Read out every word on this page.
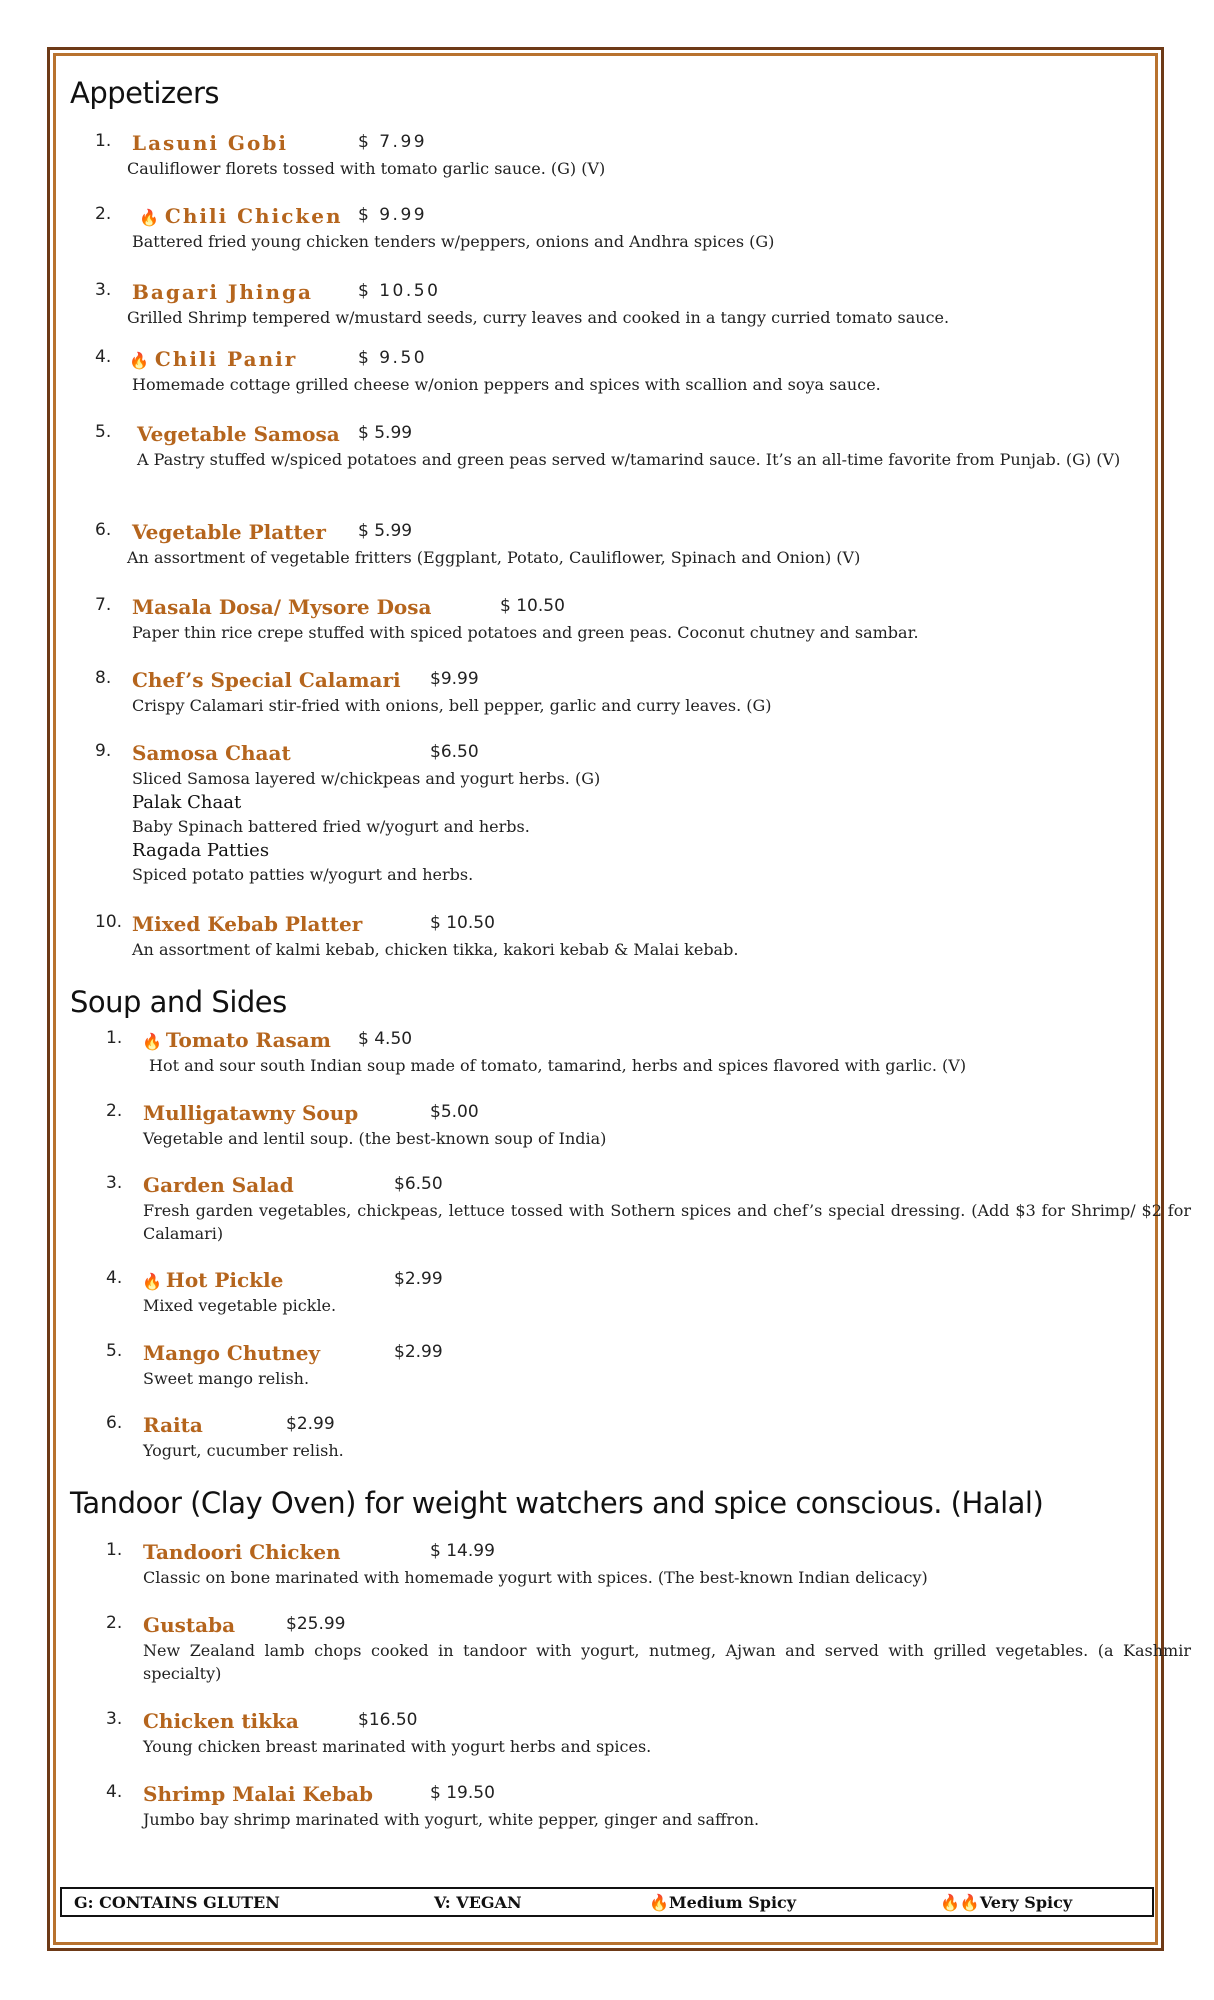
Appetizers
1. Lasuni Gobi	$ 7.99
Cauliflower florets tossed with tomato garlic sauce. (G) (V)
2. 🔥 Chili Chicken $ 9.99
Battered fried young chicken tenders w/peppers, onions and Andhra spices (G)
3. Bagari Jhinga	$ 10.50
Grilled Shrimp tempered w/mustard seeds, curry leaves and cooked in a tangy curried tomato sauce.
4. 🔥 Chili Panir	$ 9.50
Homemade cottage grilled cheese w/onion peppers and spices with scallion and soya sauce.
5. Vegetable Samosa $ 5.99
A Pastry stuffed w/spiced potatoes and green peas served w/tamarind sauce. It’s an all-time favorite from Punjab. (G) (V)
6. Vegetable Platter $ 5.99
An assortment of vegetable fritters (Eggplant, Potato, Cauliflower, Spinach and Onion) (V)
7. Masala Dosa/ Mysore Dosa	$ 10.50
Paper thin rice crepe stuffed with spiced potatoes and green peas. Coconut chutney and sambar.
8. Chef’s Special Calamari $9.99
Crispy Calamari stir-fried with onions, bell pepper, garlic and curry leaves. (G)
9. Samosa Chaat	$6.50
Sliced Samosa layered w/chickpeas and yogurt herbs. (G)
Palak Chaat
Baby Spinach battered fried w/yogurt and herbs.
Ragada Patties
Spiced potato patties w/yogurt and herbs.
10. Mixed Kebab Platter	$ 10.50
An assortment of kalmi kebab, chicken tikka, kakori kebab & Malai kebab.
Soup and Sides
1. 🔥 Tomato Rasam $ 4.50
Hot and sour south Indian soup made of tomato, tamarind, herbs and spices flavored with garlic. (V)
2. Mulligatawny Soup	$5.00
Vegetable and lentil soup. (the best-known soup of India)
3. Garden Salad	$6.50
Fresh garden vegetables, chickpeas, lettuce tossed with Sothern spices and chef’s special dressing. (Add $3 for Shrimp/ $2 for Calamari)
4. 🔥 Hot Pickle	$2.99
Mixed vegetable pickle.
5. Mango Chutney	$2.99
Sweet mango relish.
6. Raita	$2.99
Yogurt, cucumber relish.
Tandoor (Clay Oven) for weight watchers and spice conscious. (Halal)
1. Tandoori Chicken	$ 14.99
Classic on bone marinated with homemade yogurt with spices. (The best-known Indian delicacy)
2. Gustaba	$25.99
New Zealand lamb chops cooked in tandoor with yogurt, nutmeg, Ajwan and served with grilled vegetables. (a Kashmir specialty)
3. Chicken tikka	$16.50
Young chicken breast marinated with yogurt herbs and spices.
4. Shrimp Malai Kebab	$ 19.50
Jumbo bay shrimp marinated with yogurt, white pepper, ginger and saffron.
G: CONTAINS GLUTEN	V: VEGAN	🔥Medium Spicy	🔥🔥Very Spicy
